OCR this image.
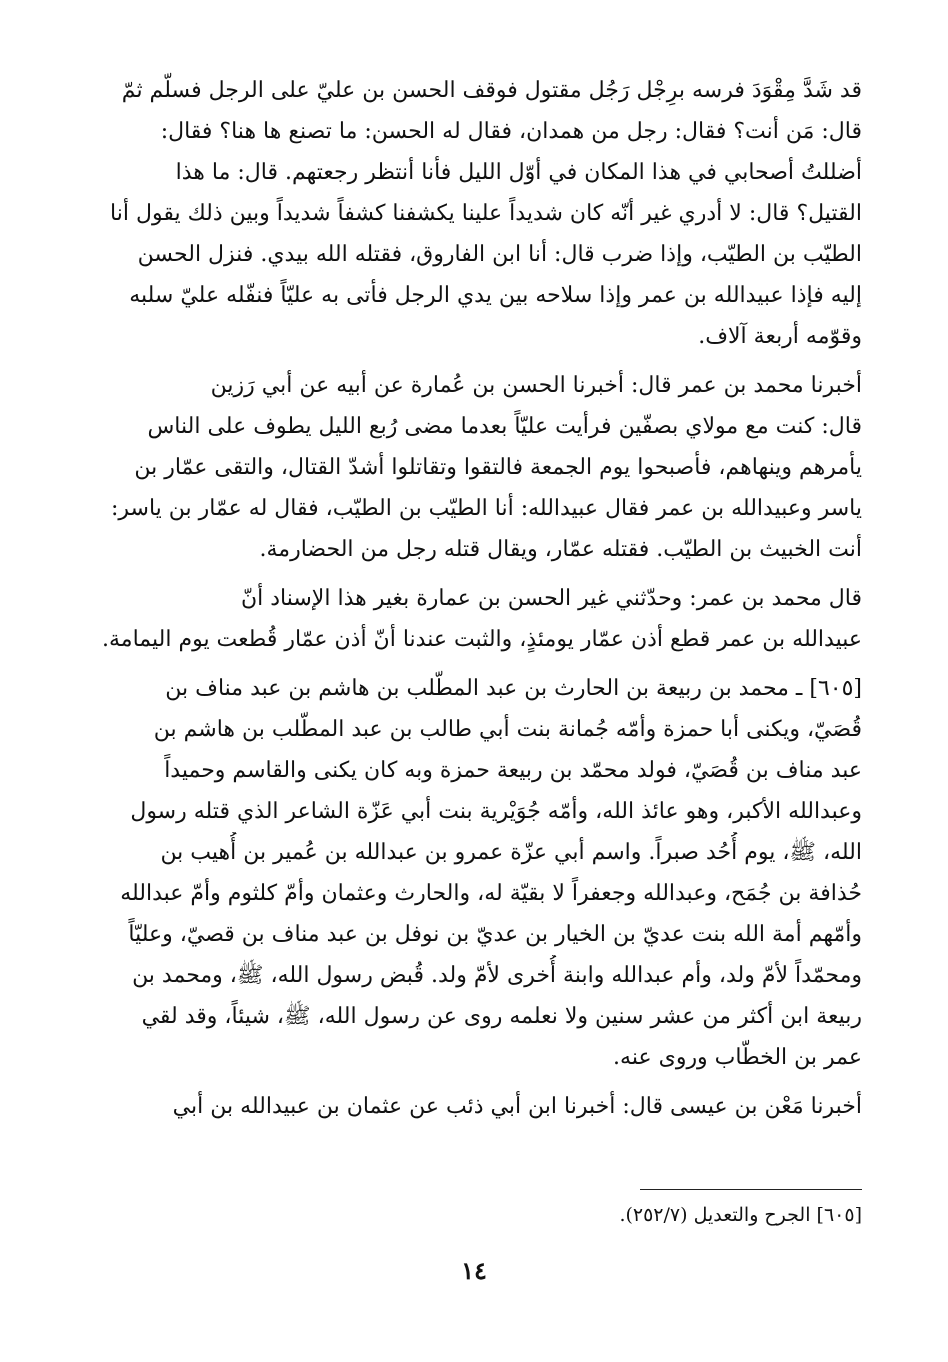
قد شَدَّ مِقْوَدَ فرسه برِجْل رَجُل مقتول فوقف الحسن بن عليّ على الرجل فسلّم ثمّ
قال: مَن أنت؟ فقال: رجل من همدان، فقال له الحسن: ما تصنع ها هنا؟ فقال:
أضللتُ أصحابي في هذا المكان في أوّل الليل فأنا أنتظر رجعتهم. قال: ما هذا
القتيل؟ قال: لا أدري غير أنّه كان شديداً علينا يكشفنا كشفاً شديداً وبين ذلك يقول أنا
الطيّب بن الطيّب، وإذا ضرب قال: أنا ابن الفاروق، فقتله الله بيدي. فنزل الحسن
إليه فإذا عبيدالله بن عمر وإذا سلاحه بين يدي الرجل فأتى به عليّاً فنفّله عليّ سلبه
وقوّمه أربعة آلاف.
أخبرنا محمد بن عمر قال: أخبرنا الحسن بن عُمارة عن أبيه عن أبي رَزين
قال: كنت مع مولاي بصفّين فرأيت عليّاً بعدما مضى رُبع الليل يطوف على الناس
يأمرهم وينهاهم، فأصبحوا يوم الجمعة فالتقوا وتقاتلوا أشدّ القتال، والتقى عمّار بن
ياسر وعبيدالله بن عمر فقال عبيدالله: أنا الطيّب بن الطيّب، فقال له عمّار بن ياسر:
أنت الخبيث بن الطيّب. فقتله عمّار، ويقال قتله رجل من الحضارمة.
قال محمد بن عمر: وحدّثني غير الحسن بن عمارة بغير هذا الإسناد أنّ
عبيدالله بن عمر قطع أذن عمّار يومئذٍ، والثبت عندنا أنّ أذن عمّار قُطعت يوم اليمامة.
[٦٠٥] ـ محمد بن ربيعة بن الحارث بن عبد المطّلب بن هاشم بن عبد مناف بن
قُصَيّ، ويكنى أبا حمزة وأمّه جُمانة بنت أبي طالب بن عبد المطّلب بن هاشم بن
عبد مناف بن قُصَيّ، فولد محمّد بن ربيعة حمزة وبه كان يكنى والقاسم وحميداً
وعبدالله الأكبر، وهو عائذ الله، وأمّه جُوَيْرية بنت أبي عَزّة الشاعر الذي قتله رسول
الله، ﷺ، يوم أُحُد صبراً. واسم أبي عزّة عمرو بن عبدالله بن عُمير بن أُهيب بن
حُذافة بن جُمَح، وعبدالله وجعفراً لا بقيّة له، والحارث وعثمان وأمّ كلثوم وأمّ عبدالله
وأمّهم أمة الله بنت عديّ بن الخيار بن عديّ بن نوفل بن عبد مناف بن قصيّ، وعليّاً
ومحمّداً لأمّ ولد، وأم عبدالله وابنة أُخرى لأمّ ولد. قُبض رسول الله، ﷺ، ومحمد بن
ربيعة ابن أكثر من عشر سنين ولا نعلمه روى عن رسول الله، ﷺ، شيئاً، وقد لقي
عمر بن الخطّاب وروى عنه.
أخبرنا مَعْن بن عيسى قال: أخبرنا ابن أبي ذئب عن عثمان بن عبيدالله بن أبي
[٦٠٥] الجرح والتعديل (٢٥٢/٧).
١٤
